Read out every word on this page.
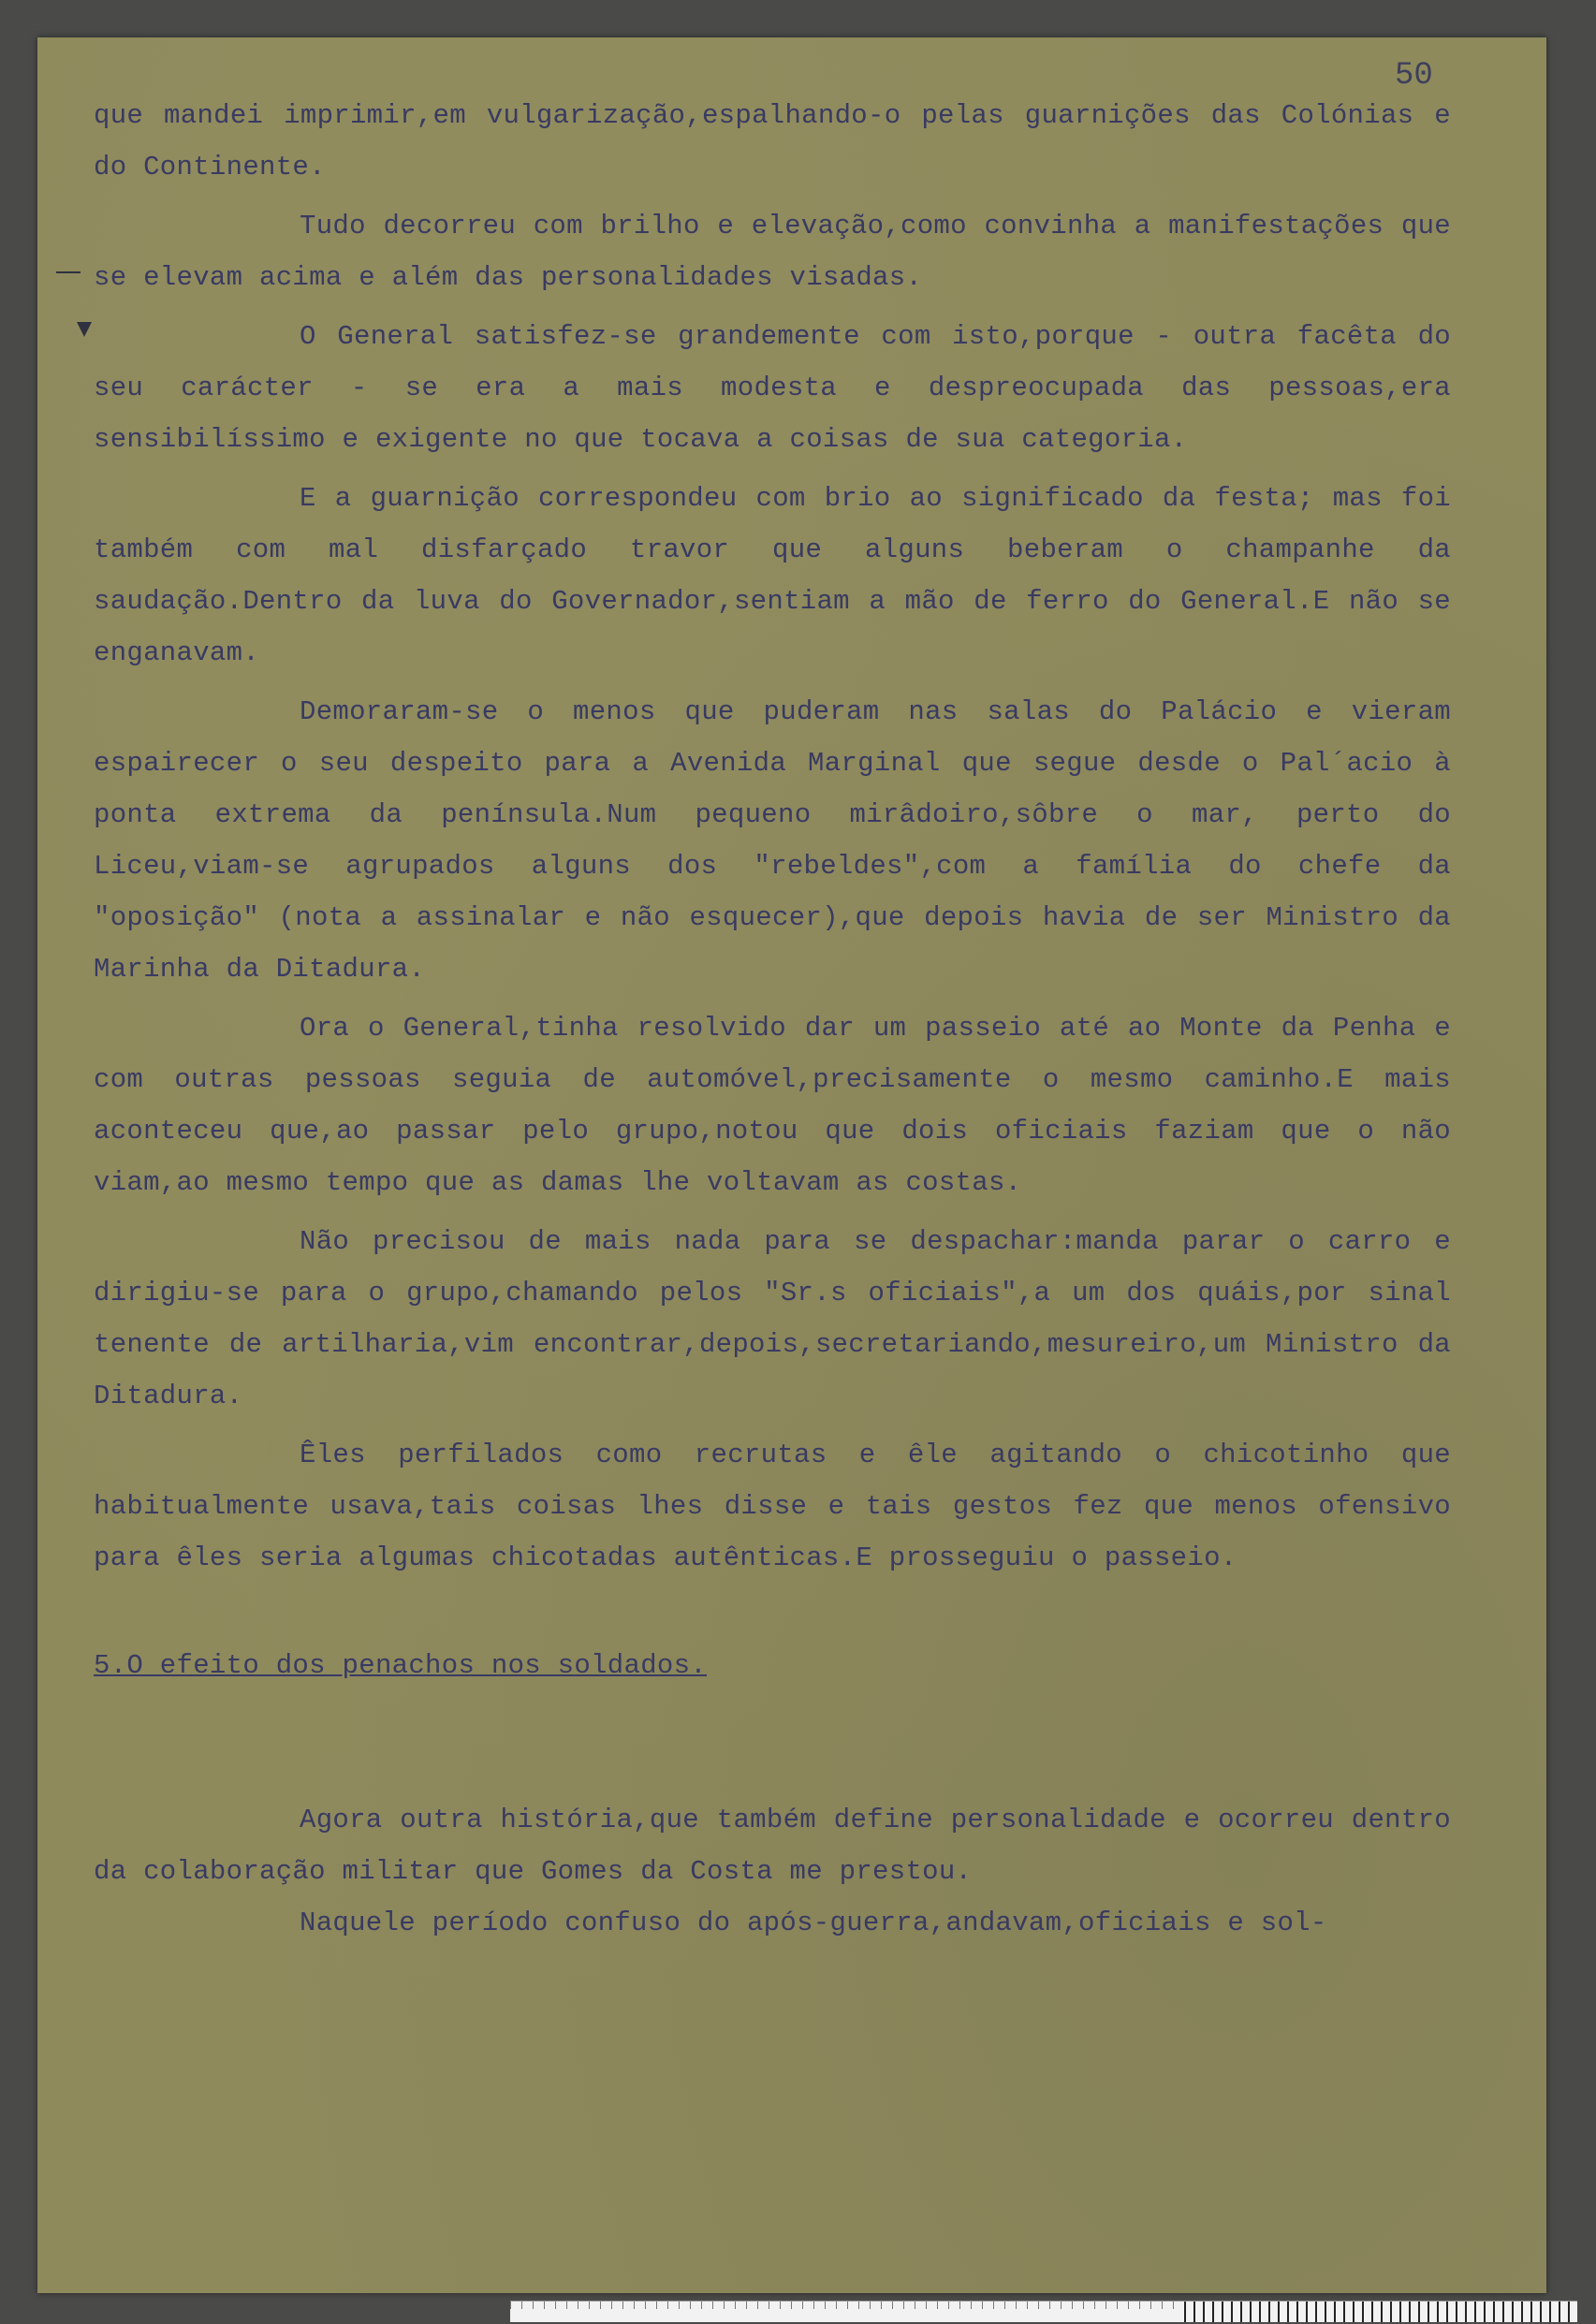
50

que mandei imprimir,em vulgarização,espalhando-o pelas guarnições das Colónias e do Continente.

Tudo decorreu com brilho e elevação,como convinha a manifestações que se elevam acima e além das personalidades visadas.

O General satisfez-se grandemente com isto,porque - outra facêta do seu carácter - se era a mais modesta e despreocupada das pessoas,era sensibilíssimo e exigente no que tocava a coisas de sua categoria.

E a guarnição correspondeu com brio ao significado da festa; mas foi também com mal disfarçado travor que alguns beberam o champanhe da saudação.Dentro da luva do Governador,sentiam a mão de ferro do General.E não se enganavam.

Demoraram-se o menos que puderam nas salas do Palácio e vieram espairecer o seu despeito para a Avenida Marginal que segue desde o Pal´acio à ponta extrema da península.Num pequeno mirâdoiro,sôbre o mar, perto do Liceu,viam-se agrupados alguns dos "rebeldes",com a família do chefe da "oposição" (nota a assinalar e não esquecer),que depois havia de ser Ministro da Marinha da Ditadura.

Ora o General,tinha resolvido dar um passeio até ao Monte da Penha e com outras pessoas seguia de automóvel,precisamente o mesmo caminho.E mais aconteceu que,ao passar pelo grupo,notou que dois oficiais faziam que o não viam,ao mesmo tempo que as damas lhe voltavam as costas.

Não precisou de mais nada para se despachar:manda parar o carro e dirigiu-se para o grupo,chamando pelos "Sr.s oficiais",a um dos quáis,por sinal tenente de artilharia,vim encontrar,depois,secretariando,mesureiro,um Ministro da Ditadura.

Êles perfilados como recrutas e êle agitando o chicotinho que habitualmente usava,tais coisas lhes disse e tais gestos fez que menos ofensivo para êles seria algumas chicotadas autênticas.E prosseguiu o passeio.

5.O efeito dos penachos nos soldados.

Agora outra história,que também define personalidade e ocorreu dentro da colaboração militar que Gomes da Costa me prestou.

Naquele período confuso do após-guerra,andavam,oficiais e sol-
